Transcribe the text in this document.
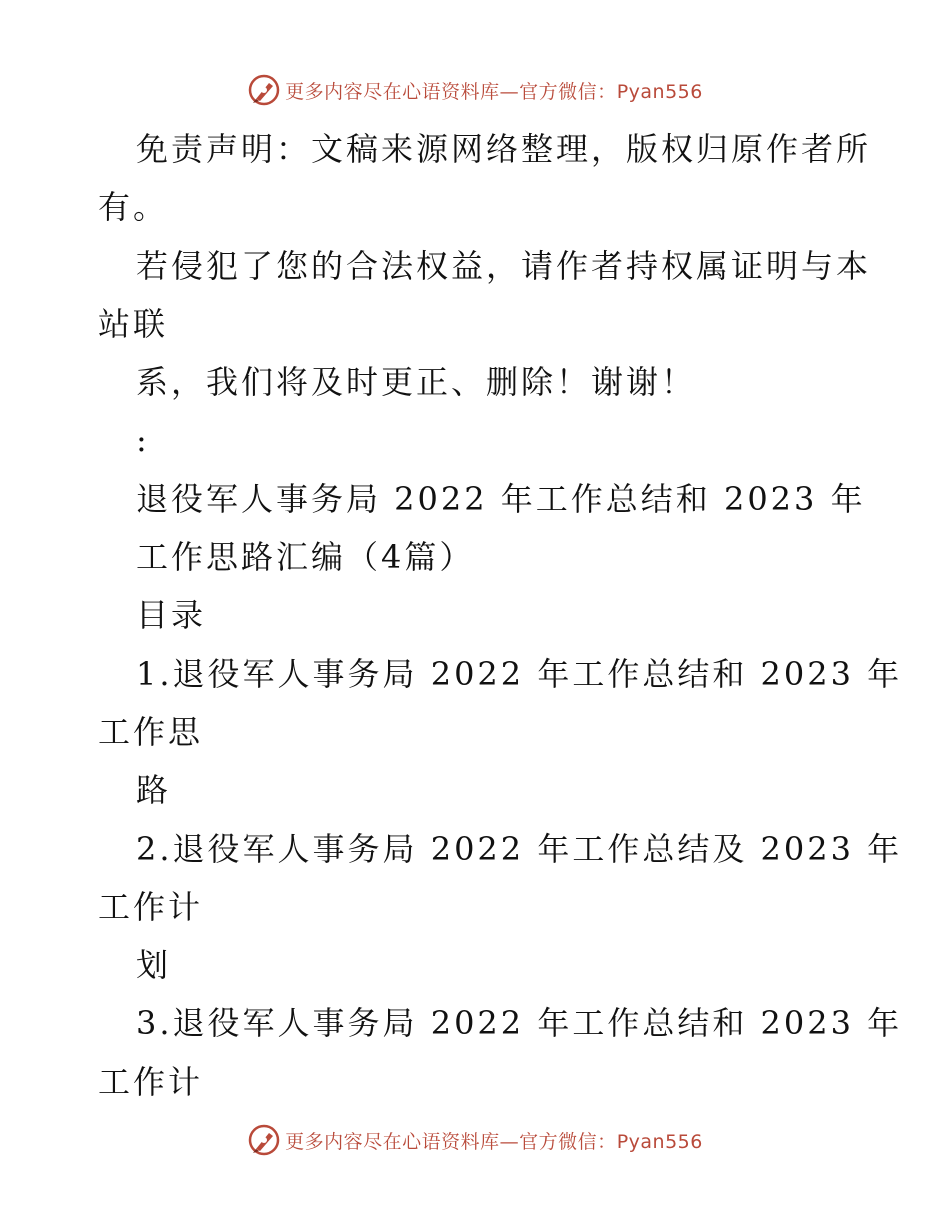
更多内容尽在心语资料库—官方微信：Pyan556
免责声明：文稿来源网络整理，版权归原作者所
有。
若侵犯了您的合法权益，请作者持权属证明与本
站联
系，我们将及时更正、删除！谢谢！
:
退役军人事务局 2022 年工作总结和 2023 年
工作思路汇编（4篇）
目录
1.退役军人事务局 2022 年工作总结和 2023 年
工作思
路
2.退役军人事务局 2022 年工作总结及 2023 年
工作计
划
3.退役军人事务局 2022 年工作总结和 2023 年
工作计
更多内容尽在心语资料库—官方微信：Pyan556
